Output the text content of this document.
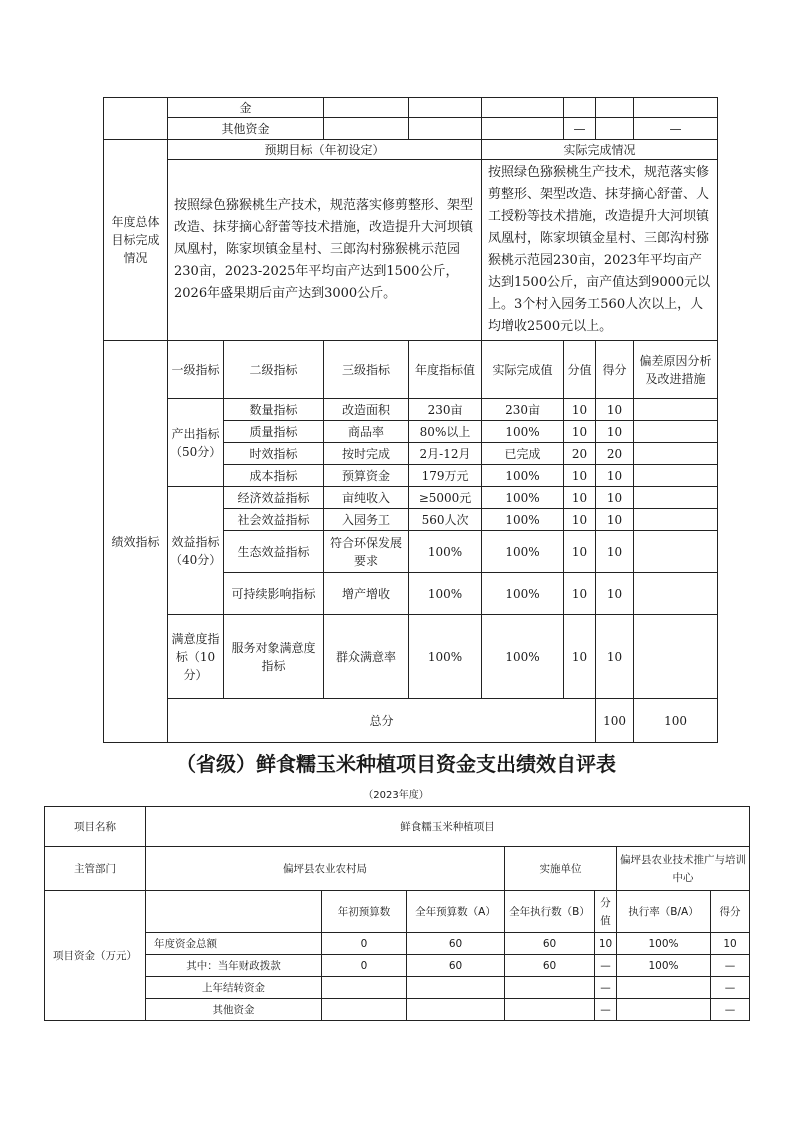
	金								
	其他资金					—		—	
年度总体目标完成情况	预期目标（年初设定）				实际完成情况				
	按照绿色猕猴桃生产技术，规范落实修剪整形、架型改造、抹芽摘心舒蕾等技术措施，改造提升大河坝镇凤凰村，陈家坝镇金星村、三郎沟村猕猴桃示范园230亩，2023-2025年平均亩产达到1500公斤，2026年盛果期后亩产达到3000公斤。				按照绿色猕猴桃生产技术，规范落实修剪整形、架型改造、抹芽摘心舒蕾、人工授粉等技术措施，改造提升大河坝镇凤凰村，陈家坝镇金星村、三郎沟村猕猴桃示范园230亩，2023年平均亩产达到1500公斤，亩产值达到9000元以上。3个村入园务工560人次以上，人均增收2500元以上。				
绩效指标	一级指标	二级指标	三级指标	年度指标值	实际完成值	分值	得分	偏差原因分析及改进措施	
	产出指标（50分）	数量指标	改造面积	230亩	230亩	10	10		
		质量指标	商品率	80%以上	100%	10	10		
		时效指标	按时完成	2月-12月	已完成	20	20		
		成本指标	预算资金	179万元	100%	10	10		
	效益指标（40分）	经济效益指标	亩纯收入	≥5000元	100%	10	10		
		社会效益指标	入园务工	560人次	100%	10	10		
		生态效益指标	符合环保发展要求	100%	100%	10	10		
		可持续影响指标	增产增收	100%	100%	10	10		
	满意度指标（10分）	服务对象满意度指标	群众满意率	100%	100%	10	10		
	总分						100	100	
（省级）鲜食糯玉米种植项目资金支出绩效自评表
（2023年度）
项目名称	鲜食糯玉米种植项目						
主管部门	偏坪县农业农村局			实施单位		偏坪县农业技术推广与培训中心	
项目资金（万元）		年初预算数	全年预算数（A）	全年执行数（B）	分值	执行率（B/A）	得分
	年度资金总额	0	60	60	10	100%	10
	其中：当年财政拨款	0	60	60	—	100%	—
	上年结转资金				—		—
	其他资金				—		—
